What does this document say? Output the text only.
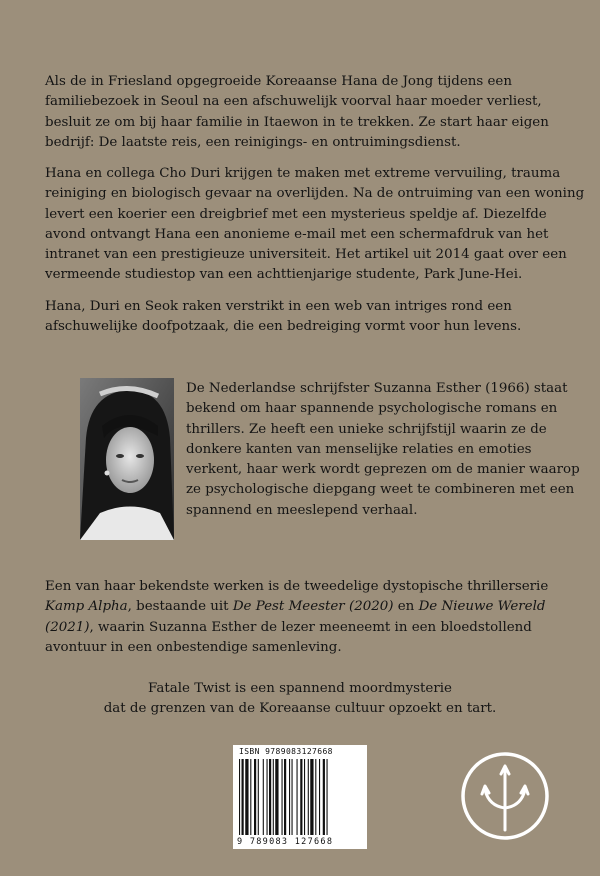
Als de in Friesland opgegroeide Koreaanse Hana de Jong tijdens een familiebezoek in Seoul na een afschuwelijk voorval haar moeder verliest, besluit ze om bij haar familie in Itaewon in te trekken. Ze start haar eigen bedrijf: De laatste reis, een reinigings- en ontruimingsdienst.

Hana en collega Cho Duri krijgen te maken met extreme vervuiling, trauma reiniging en biologisch gevaar na overlijden. Na de ontruiming van een woning levert een koerier een dreigbrief met een mysterieus speldje af. Diezelfde avond ontvangt Hana een anonieme e-mail met een schermafdruk van het intranet van een prestigieuze universiteit. Het artikel uit 2014 gaat over een vermeende studiestop van een achttienjarige studente, Park June-Hei.

Hana, Duri en Seok raken verstrikt in een web van intriges rond een afschuwelijke doofpotzaak, die een bedreiging vormt voor hun levens.

De Nederlandse schrijfster Suzanna Esther (1966) staat bekend om haar spannende psychologische romans en thrillers. Ze heeft een unieke schrijfstijl waarin ze de donkere kanten van menselijke relaties en emoties verkent, haar werk wordt geprezen om de manier waarop ze psychologische diepgang weet te combineren met een spannend en meeslepend verhaal.

Een van haar bekendste werken is de tweedelige dystopische thrillerserie Kamp Alpha, bestaande uit De Pest Meester (2020) en De Nieuwe Wereld (2021), waarin Suzanna Esther de lezer meeneemt in een bloedstollend avontuur in een onbestendige samenleving.

Fatale Twist is een spannend moordmysterie
dat de grenzen van de Koreaanse cultuur opzoekt en tart.

ISBN 9789083127668
9 789083 127668
